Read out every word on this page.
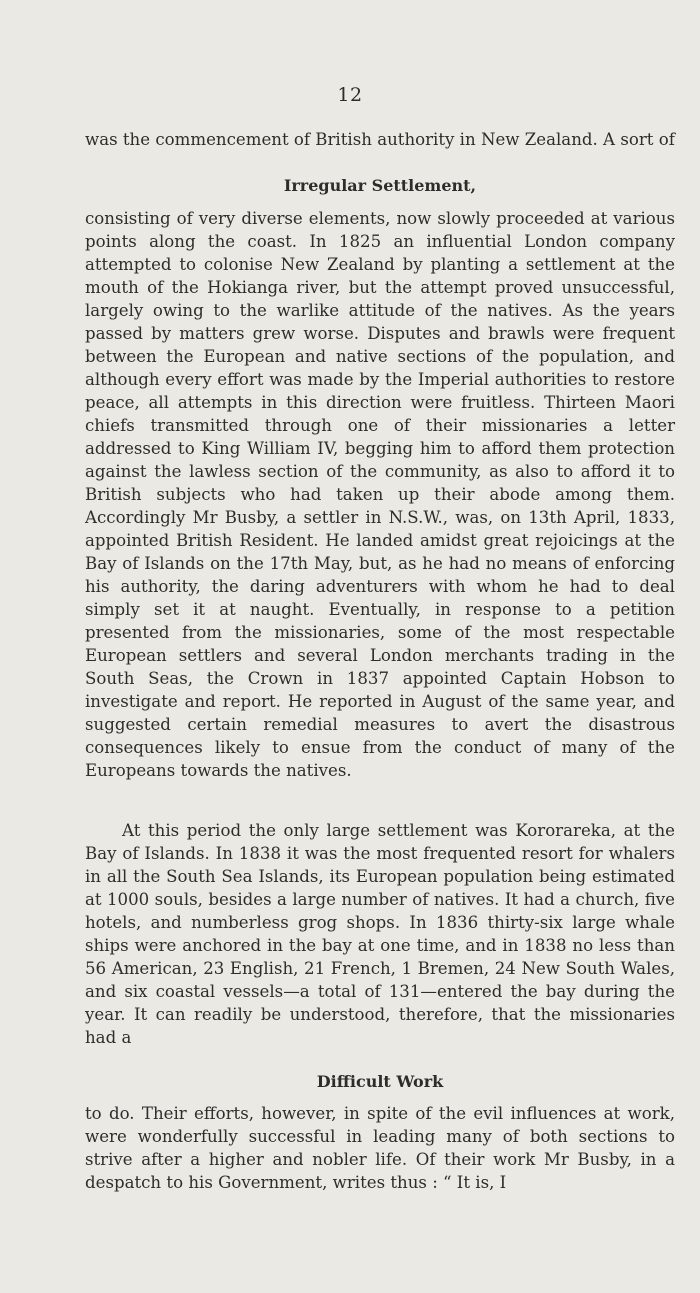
12

was the commencement of British authority in New Zealand. A sort of

Irregular Settlement,

consisting of very diverse elements, now slowly proceeded at various points along the coast. In 1825 an influential London company attempted to colonise New Zealand by planting a settlement at the mouth of the Hokianga river, but the attempt proved unsuccessful, largely owing to the warlike attitude of the natives. As the years passed by matters grew worse. Disputes and brawls were frequent between the European and native sections of the population, and although every effort was made by the Imperial authorities to restore peace, all attempts in this direction were fruitless. Thirteen Maori chiefs transmitted through one of their missionaries a letter addressed to King William IV, begging him to afford them protection against the lawless section of the community, as also to afford it to British subjects who had taken up their abode among them. Accordingly Mr Busby, a settler in N.S.W., was, on 13th April, 1833, appointed British Resident. He landed amidst great rejoicings at the Bay of Islands on the 17th May, but, as he had no means of enforcing his authority, the daring adventurers with whom he had to deal simply set it at naught. Eventually, in response to a petition presented from the missionaries, some of the most respectable European settlers and several London merchants trading in the South Seas, the Crown in 1837 appointed Captain Hobson to investigate and report. He reported in August of the same year, and suggested certain remedial measures to avert the disastrous consequences likely to ensue from the conduct of many of the Europeans towards the natives.

At this period the only large settlement was Kororareka, at the Bay of Islands. In 1838 it was the most frequented resort for whalers in all the South Sea Islands, its European population being estimated at 1000 souls, besides a large number of natives. It had a church, five hotels, and numberless grog shops. In 1836 thirty-six large whale ships were anchored in the bay at one time, and in 1838 no less than 56 American, 23 English, 21 French, 1 Bremen, 24 New South Wales, and six coastal vessels—a total of 131—entered the bay during the year. It can readily be understood, therefore, that the missionaries had a

Difficult Work

to do. Their efforts, however, in spite of the evil influences at work, were wonderfully successful in leading many of both sections to strive after a higher and nobler life. Of their work Mr Busby, in a despatch to his Government, writes thus : “ It is, I
